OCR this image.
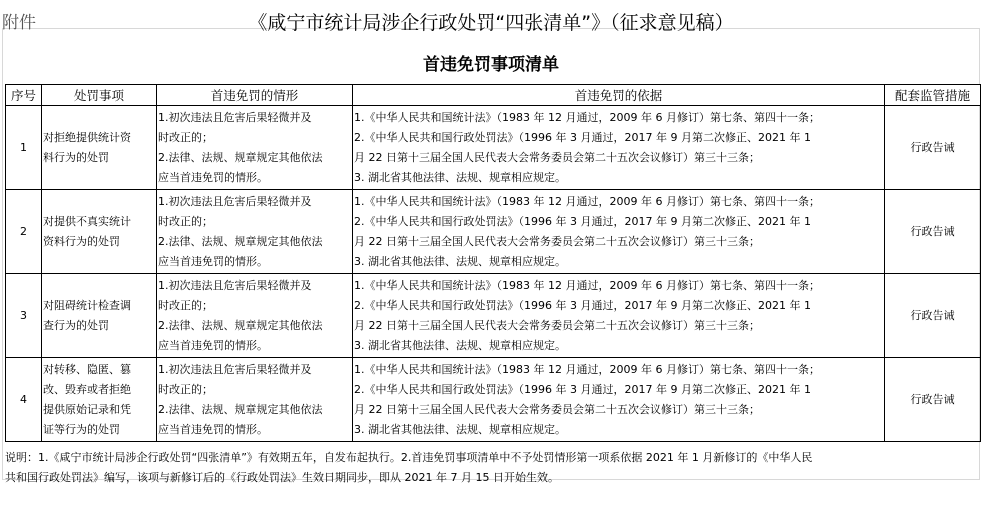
附件	《咸宁市统计局涉企行政处罚“四张清单”》（征求意见稿）
首违免罚事项清单
序号	处罚事项	首违免罚的情形	首违免罚的依据	配套监管措施
1	对拒绝提供统计资
料行为的处罚	1.初次违法且危害后果轻微并及
时改正的；
2.法律、法规、规章规定其他依法
应当首违免罚的情形。	1.《中华人民共和国统计法》（1983 年 12 月通过，2009 年 6 月修订）第七条、第四十一条；
2.《中华人民共和国行政处罚法》（1996 年 3 月通过，2017 年 9 月第二次修正、2021 年 1
月 22 日第十三届全国人民代表大会常务委员会第二十五次会议修订）第三十三条；
3. 湖北省其他法律、法规、规章相应规定。	行政告诫
2	对提供不真实统计
资料行为的处罚	1.初次违法且危害后果轻微并及
时改正的；
2.法律、法规、规章规定其他依法
应当首违免罚的情形。	1.《中华人民共和国统计法》（1983 年 12 月通过，2009 年 6 月修订）第七条、第四十一条；
2.《中华人民共和国行政处罚法》（1996 年 3 月通过，2017 年 9 月第二次修正、2021 年 1
月 22 日第十三届全国人民代表大会常务委员会第二十五次会议修订）第三十三条；
3. 湖北省其他法律、法规、规章相应规定。	行政告诫
3	对阻碍统计检查调
查行为的处罚	1.初次违法且危害后果轻微并及
时改正的；
2.法律、法规、规章规定其他依法
应当首违免罚的情形。	1.《中华人民共和国统计法》（1983 年 12 月通过，2009 年 6 月修订）第七条、第四十一条；
2.《中华人民共和国行政处罚法》（1996 年 3 月通过，2017 年 9 月第二次修正、2021 年 1
月 22 日第十三届全国人民代表大会常务委员会第二十五次会议修订）第三十三条；
3. 湖北省其他法律、法规、规章相应规定。	行政告诫
4	对转移、隐匿、篡
改、毁弃或者拒绝
提供原始记录和凭
证等行为的处罚	1.初次违法且危害后果轻微并及
时改正的；
2.法律、法规、规章规定其他依法
应当首违免罚的情形。	1.《中华人民共和国统计法》（1983 年 12 月通过，2009 年 6 月修订）第七条、第四十一条；
2.《中华人民共和国行政处罚法》（1996 年 3 月通过，2017 年 9 月第二次修正、2021 年 1
月 22 日第十三届全国人民代表大会常务委员会第二十五次会议修订）第三十三条；
3. 湖北省其他法律、法规、规章相应规定。	行政告诫
说明：1.《咸宁市统计局涉企行政处罚“四张清单”》有效期五年，自发布起执行。2.首违免罚事项清单中不予处罚情形第一项系依据 2021 年 1 月新修订的《中华人民
共和国行政处罚法》编写，该项与新修订后的《行政处罚法》生效日期同步，即从 2021 年 7 月 15 日开始生效。
